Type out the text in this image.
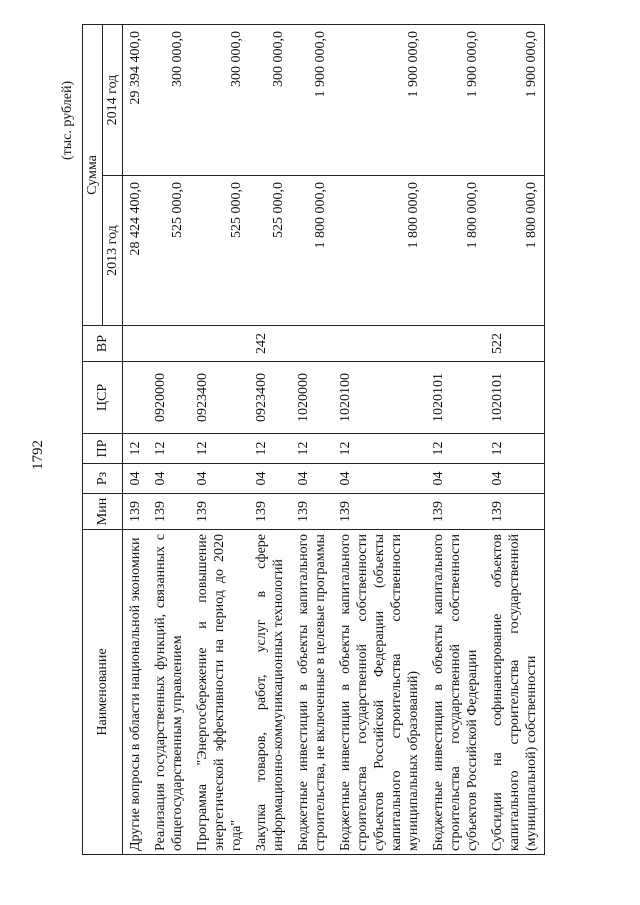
1792
(тыс. рублей)
Наименование	Мин	Рз	ПР	ЦСР	ВР	Сумма	
						2013 год	2014 год
Другие вопросы в области национальной экономики	139	04	12			28 424 400,0	29 394 400,0
Реализация государственных функций, связанных с общегосударственным управлением	139	04	12	0920000		525 000,0	300 000,0
Программа "Энергосбережение и повышение энергетической эффективности на период до 2020 года"	139	04	12	0923400		525 000,0	300 000,0
Закупка товаров, работ, услуг в сфере информационно-коммуникационных технологий	139	04	12	0923400	242	525 000,0	300 000,0
Бюджетные инвестиции в объекты капитального строительства, не включенные в целевые программы	139	04	12	1020000		1 800 000,0	1 900 000,0
Бюджетные инвестиции в объекты капитального строительства государственной собственности субъектов Российской Федерации (объекты капитального строительства собственности муниципальных образований)	139	04	12	1020100		1 800 000,0	1 900 000,0
Бюджетные инвестиции в объекты капитального строительства государственной собственности субъектов Российской Федерации	139	04	12	1020101		1 800 000,0	1 900 000,0
Субсидии на софинансирование объектов капитального строительства государственной (муниципальной) собственности	139	04	12	1020101	522	1 800 000,0	1 900 000,0
